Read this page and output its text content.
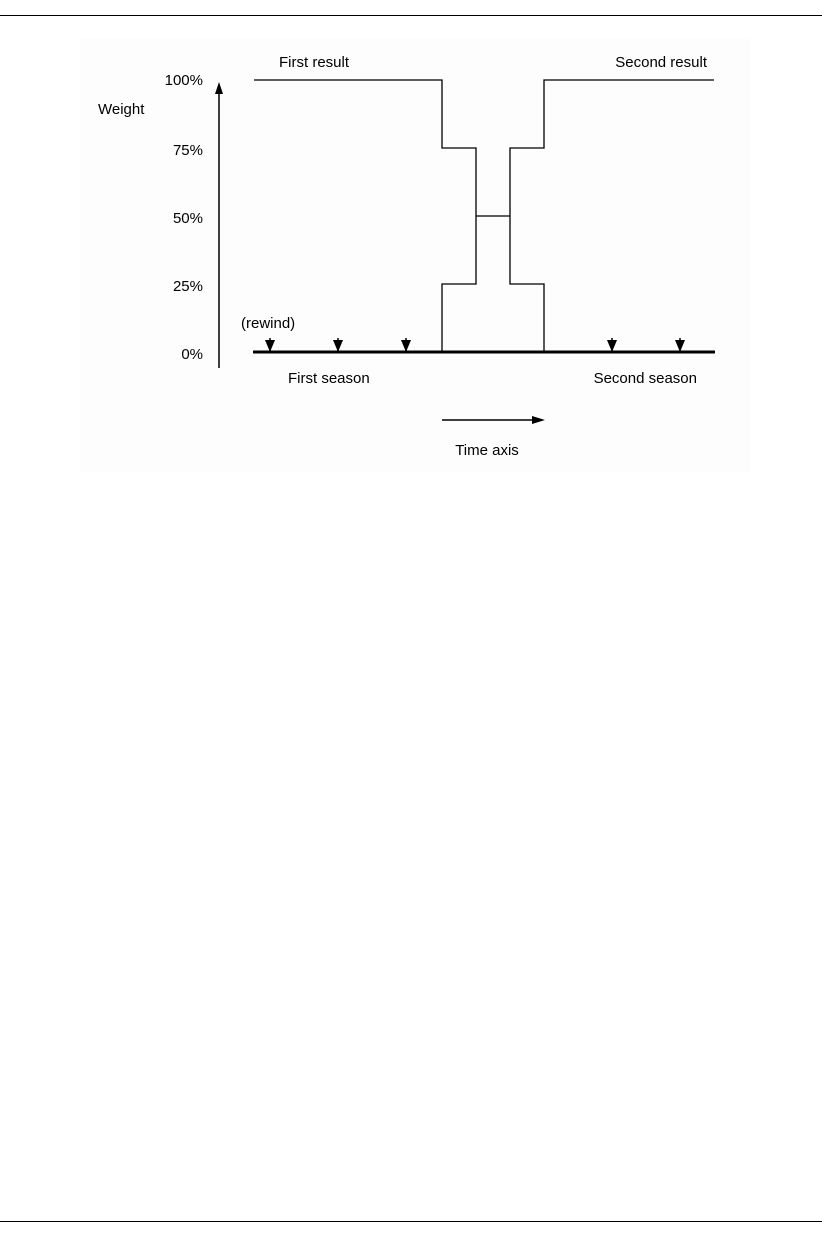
100%
Weight
75%
50%
25%
0%
First result	Second result
(rewind)
First season	Second season
Time axis
